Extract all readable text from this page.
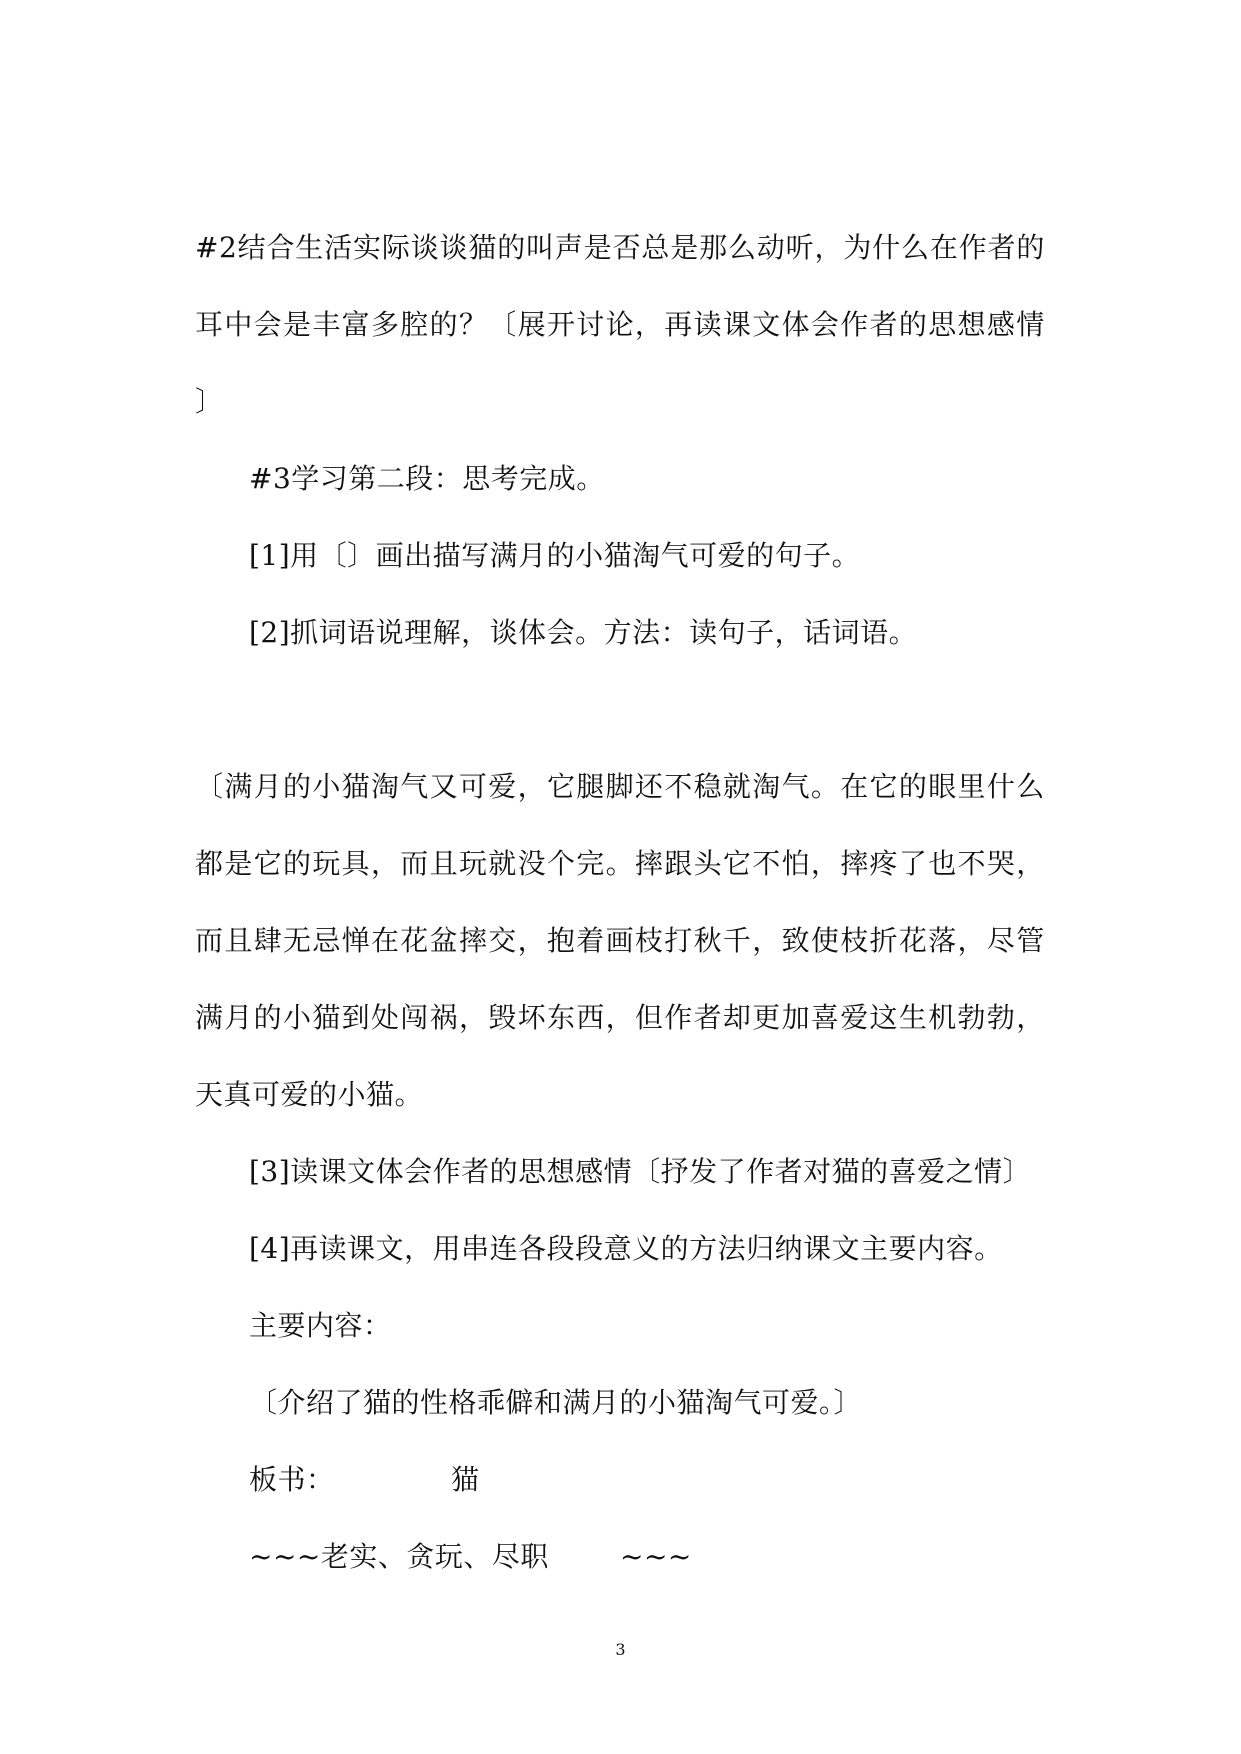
#2 结 合 生 活 实 际 谈 谈 猫 的 叫 声 是 否 总 是 那 么 动 听 ， 为 什 么 在 作 者 的
耳 中 会 是 丰 富 多 腔 的 ？ 〔 展 开 讨 论 ， 再 读 课 文 体 会 作 者 的 思 想 感 情
〕
#3学习第二段：思考完成。
[1]用〔〕画出描写满月的小猫淘气可爱的句子。
[2]抓词语说理解，谈体会。方法：读句子，话词语。
〔 满 月 的 小 猫 淘 气 又 可 爱 ， 它 腿 脚 还 不 稳 就 淘 气 。 在 它 的 眼 里 什 么
都 是 它 的 玩 具 ， 而 且 玩 就 没 个 完 。 摔 跟 头 它 不 怕 ， 摔 疼 了 也 不 哭 ，
而 且 肆 无 忌 惮 在 花 盆 摔 交 ， 抱 着 画 枝 打 秋 千 ， 致 使 枝 折 花 落 ， 尽 管
满 月 的 小 猫 到 处 闯 祸 ， 毁 坏 东 西 ， 但 作 者 却 更 加 喜 爱 这 生 机 勃 勃 ，
天真可爱的小猫。
[3]读课文体会作者的思想感情〔抒发了作者对猫的喜爱之情〕
[4]再读课文，用串连各段段意义的方法归纳课文主要内容。
主要内容：
〔介绍了猫的性格乖僻和满月的小猫淘气可爱。〕
板书：	猫
~~~老实、贪玩、尽职	~~~
3
